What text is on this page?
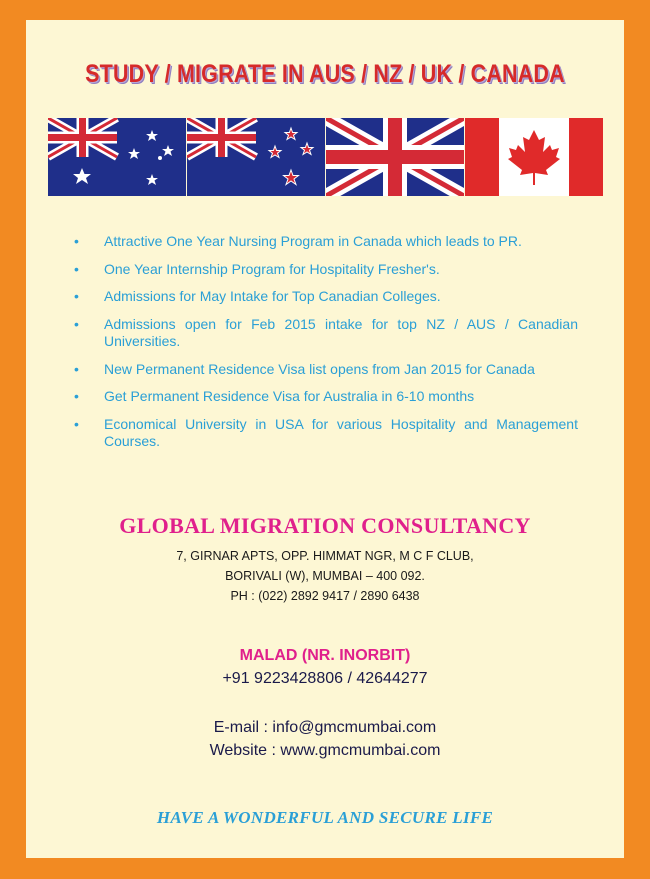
STUDY / MIGRATE IN AUS / NZ / UK / CANADA
•	Attractive One Year Nursing Program in Canada which leads to PR.
•	One Year Internship Program for Hospitality Fresher's.
•	Admissions for May Intake for Top Canadian Colleges.
•	Admissions open for Feb 2015 intake for top NZ / AUS / Canadian Universities.
•	New Permanent Residence Visa list opens from Jan 2015 for Canada
•	Get Permanent Residence Visa for Australia in 6-10 months
•	Economical University in USA for various Hospitality and Management Courses.
GLOBAL MIGRATION CONSULTANCY
7, GIRNAR APTS, OPP. HIMMAT NGR, M C F CLUB,
BORIVALI (W), MUMBAI – 400 092.
PH : (022) 2892 9417 / 2890 6438
MALAD (NR. INORBIT)
+91 9223428806 / 42644277
E-mail : info@gmcmumbai.com
Website : www.gmcmumbai.com
HAVE A WONDERFUL AND SECURE LIFE
